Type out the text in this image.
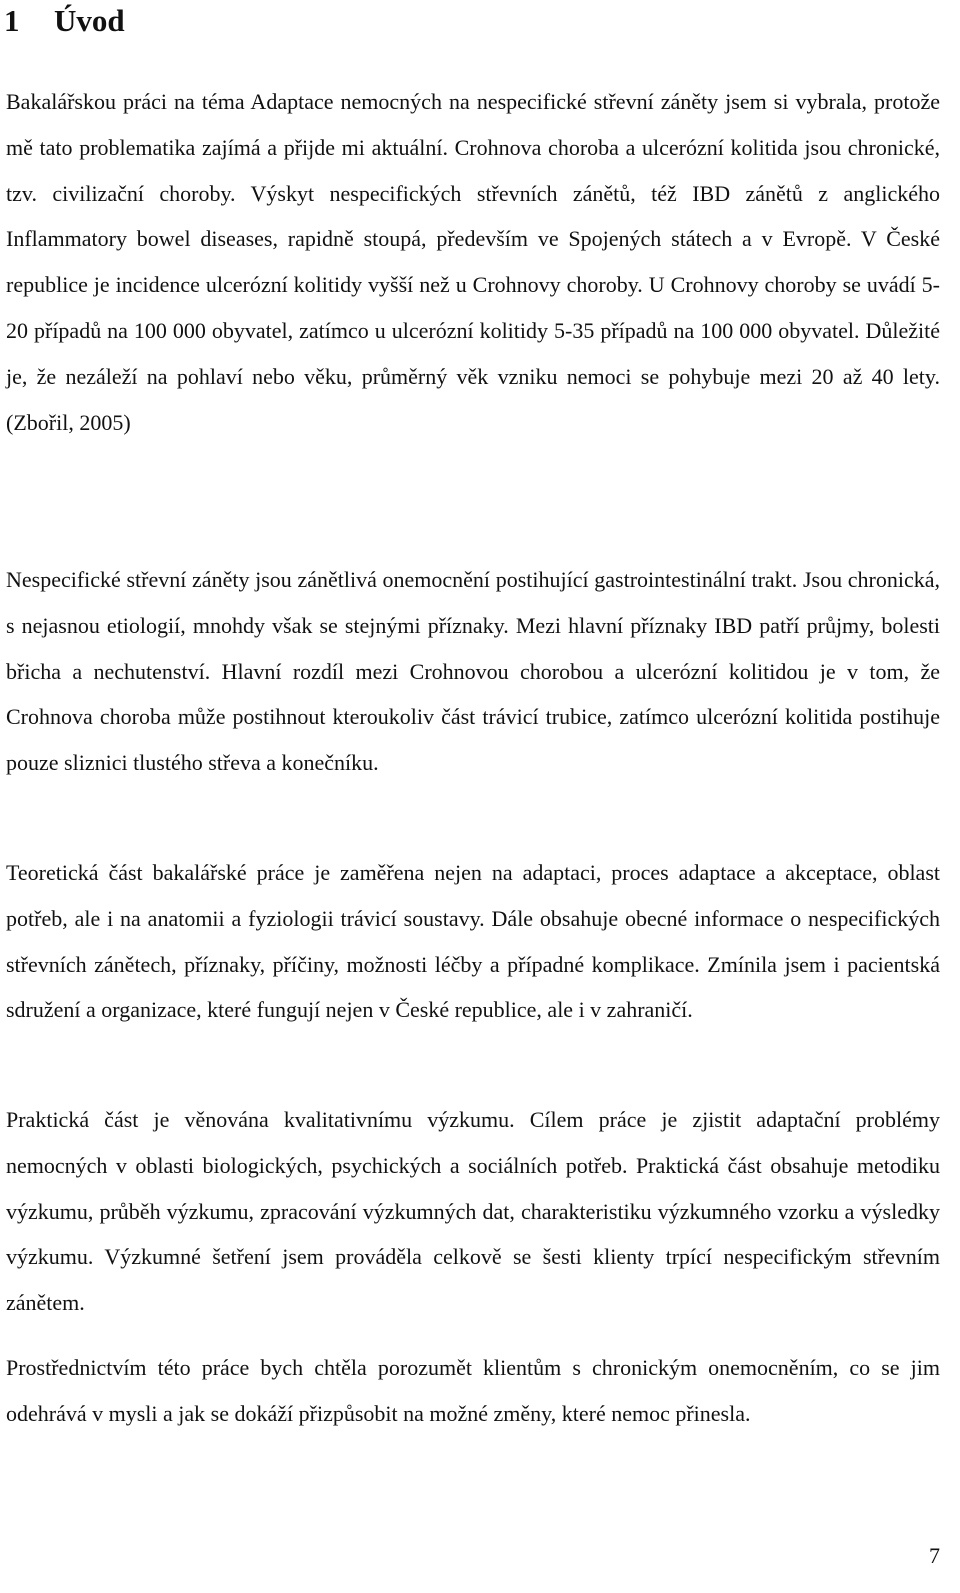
1 Úvod

Bakalářskou práci na téma Adaptace nemocných na nespecifické střevní záněty jsem si vybrala, protože mě tato problematika zajímá a přijde mi aktuální. Crohnova choroba a ulcerózní kolitida jsou chronické, tzv. civilizační choroby. Výskyt nespecifických střevních zánětů, též IBD zánětů z anglického Inflammatory bowel diseases, rapidně stoupá, především ve Spojených státech a v Evropě. V České republice je incidence ulcerózní kolitidy vyšší než u Crohnovy choroby. U Crohnovy choroby se uvádí 5-20 případů na 100 000 obyvatel, zatímco u ulcerózní kolitidy 5-35 případů na 100 000 obyvatel. Důležité je, že nezáleží na pohlaví nebo věku, průměrný věk vzniku nemoci se pohybuje mezi 20 až 40 lety. (Zbořil, 2005)

Nespecifické střevní záněty jsou zánětlivá onemocnění postihující gastrointestinální trakt. Jsou chronická, s nejasnou etiologií, mnohdy však se stejnými příznaky. Mezi hlavní příznaky IBD patří průjmy, bolesti břicha a nechutenství. Hlavní rozdíl mezi Crohnovou chorobou a ulcerózní kolitidou je v tom, že Crohnova choroba může postihnout kteroukoliv část trávicí trubice, zatímco ulcerózní kolitida postihuje pouze sliznici tlustého střeva a konečníku.

Teoretická část bakalářské práce je zaměřena nejen na adaptaci, proces adaptace a akceptace, oblast potřeb, ale i na anatomii a fyziologii trávicí soustavy. Dále obsahuje obecné informace o nespecifických střevních zánětech, příznaky, příčiny, možnosti léčby a případné komplikace. Zmínila jsem i pacientská sdružení a organizace, které fungují nejen v České republice, ale i v zahraničí.

Praktická část je věnována kvalitativnímu výzkumu. Cílem práce je zjistit adaptační problémy nemocných v oblasti biologických, psychických a sociálních potřeb. Praktická část obsahuje metodiku výzkumu, průběh výzkumu, zpracování výzkumných dat, charakteristiku výzkumného vzorku a výsledky výzkumu. Výzkumné šetření jsem prováděla celkově se šesti klienty trpící nespecifickým střevním zánětem.

Prostřednictvím této práce bych chtěla porozumět klientům s chronickým onemocněním, co se jim odehrává v mysli a jak se dokáží přizpůsobit na možné změny, které nemoc přinesla.

7
